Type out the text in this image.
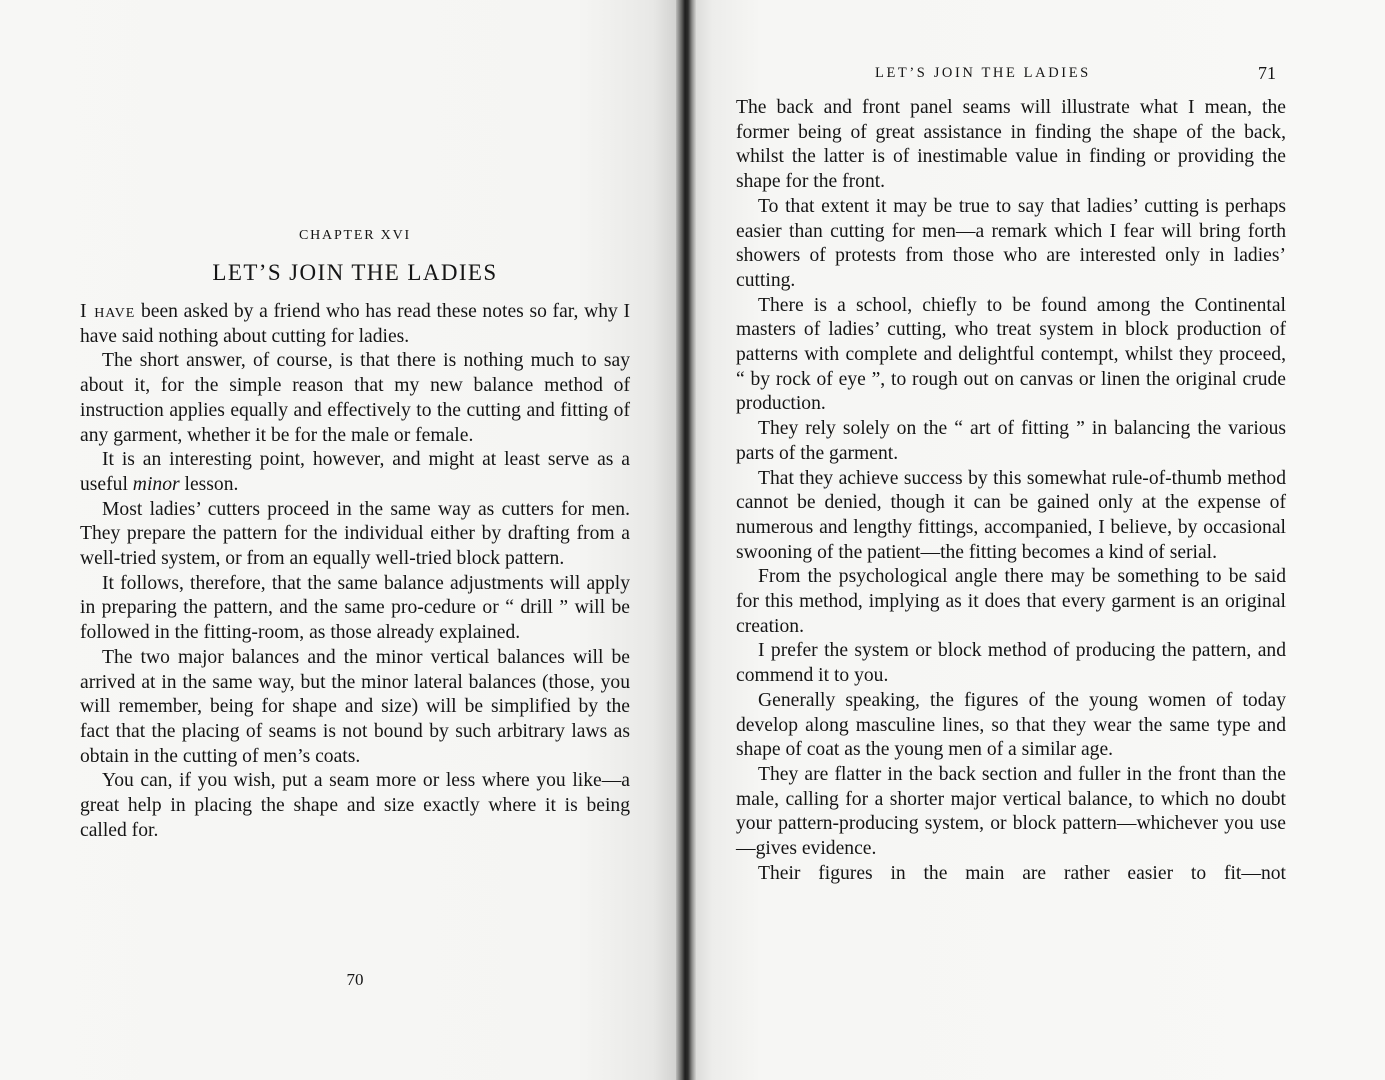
CHAPTER XVI
LET’S JOIN THE LADIES

I have been asked by a friend who has read these notes so far, why I have said nothing about cutting for ladies.

The short answer, of course, is that there is nothing much to say about it, for the simple reason that my new balance method of instruction applies equally and effectively to the cutting and fitting of any garment, whether it be for the male or female.

It is an interesting point, however, and might at least serve as a useful minor lesson.

Most ladies’ cutters proceed in the same way as cutters for men. They prepare the pattern for the individual either by drafting from a well-tried system, or from an equally well-tried block pattern.

It follows, therefore, that the same balance adjustments will apply in preparing the pattern, and the same pro-cedure or “ drill ” will be followed in the fitting-room, as those already explained.

The two major balances and the minor vertical balances will be arrived at in the same way, but the minor lateral balances (those, you will remember, being for shape and size) will be simplified by the fact that the placing of seams is not bound by such arbitrary laws as obtain in the cutting of men’s coats.

You can, if you wish, put a seam more or less where you like—a great help in placing the shape and size exactly where it is being called for.

70
LET’S JOIN THE LADIES	71

The back and front panel seams will illustrate what I mean, the former being of great assistance in finding the shape of the back, whilst the latter is of inestimable value in finding or providing the shape for the front.

To that extent it may be true to say that ladies’ cutting is perhaps easier than cutting for men—a remark which I fear will bring forth showers of protests from those who are interested only in ladies’ cutting.

There is a school, chiefly to be found among the Continental masters of ladies’ cutting, who treat system in block production of patterns with complete and delightful contempt, whilst they proceed, “ by rock of eye ”, to rough out on canvas or linen the original crude production.

They rely solely on the “ art of fitting ” in balancing the various parts of the garment.

That they achieve success by this somewhat rule-of-thumb method cannot be denied, though it can be gained only at the expense of numerous and lengthy fittings, accompanied, I believe, by occasional swooning of the patient—the fitting becomes a kind of serial.

From the psychological angle there may be something to be said for this method, implying as it does that every garment is an original creation.

I prefer the system or block method of producing the pattern, and commend it to you.

Generally speaking, the figures of the young women of today develop along masculine lines, so that they wear the same type and shape of coat as the young men of a similar age.

They are flatter in the back section and fuller in the front than the male, calling for a shorter major vertical balance, to which no doubt your pattern-producing system, or block pattern—whichever you use—gives evidence.

Their figures in the main are rather easier to fit—not
